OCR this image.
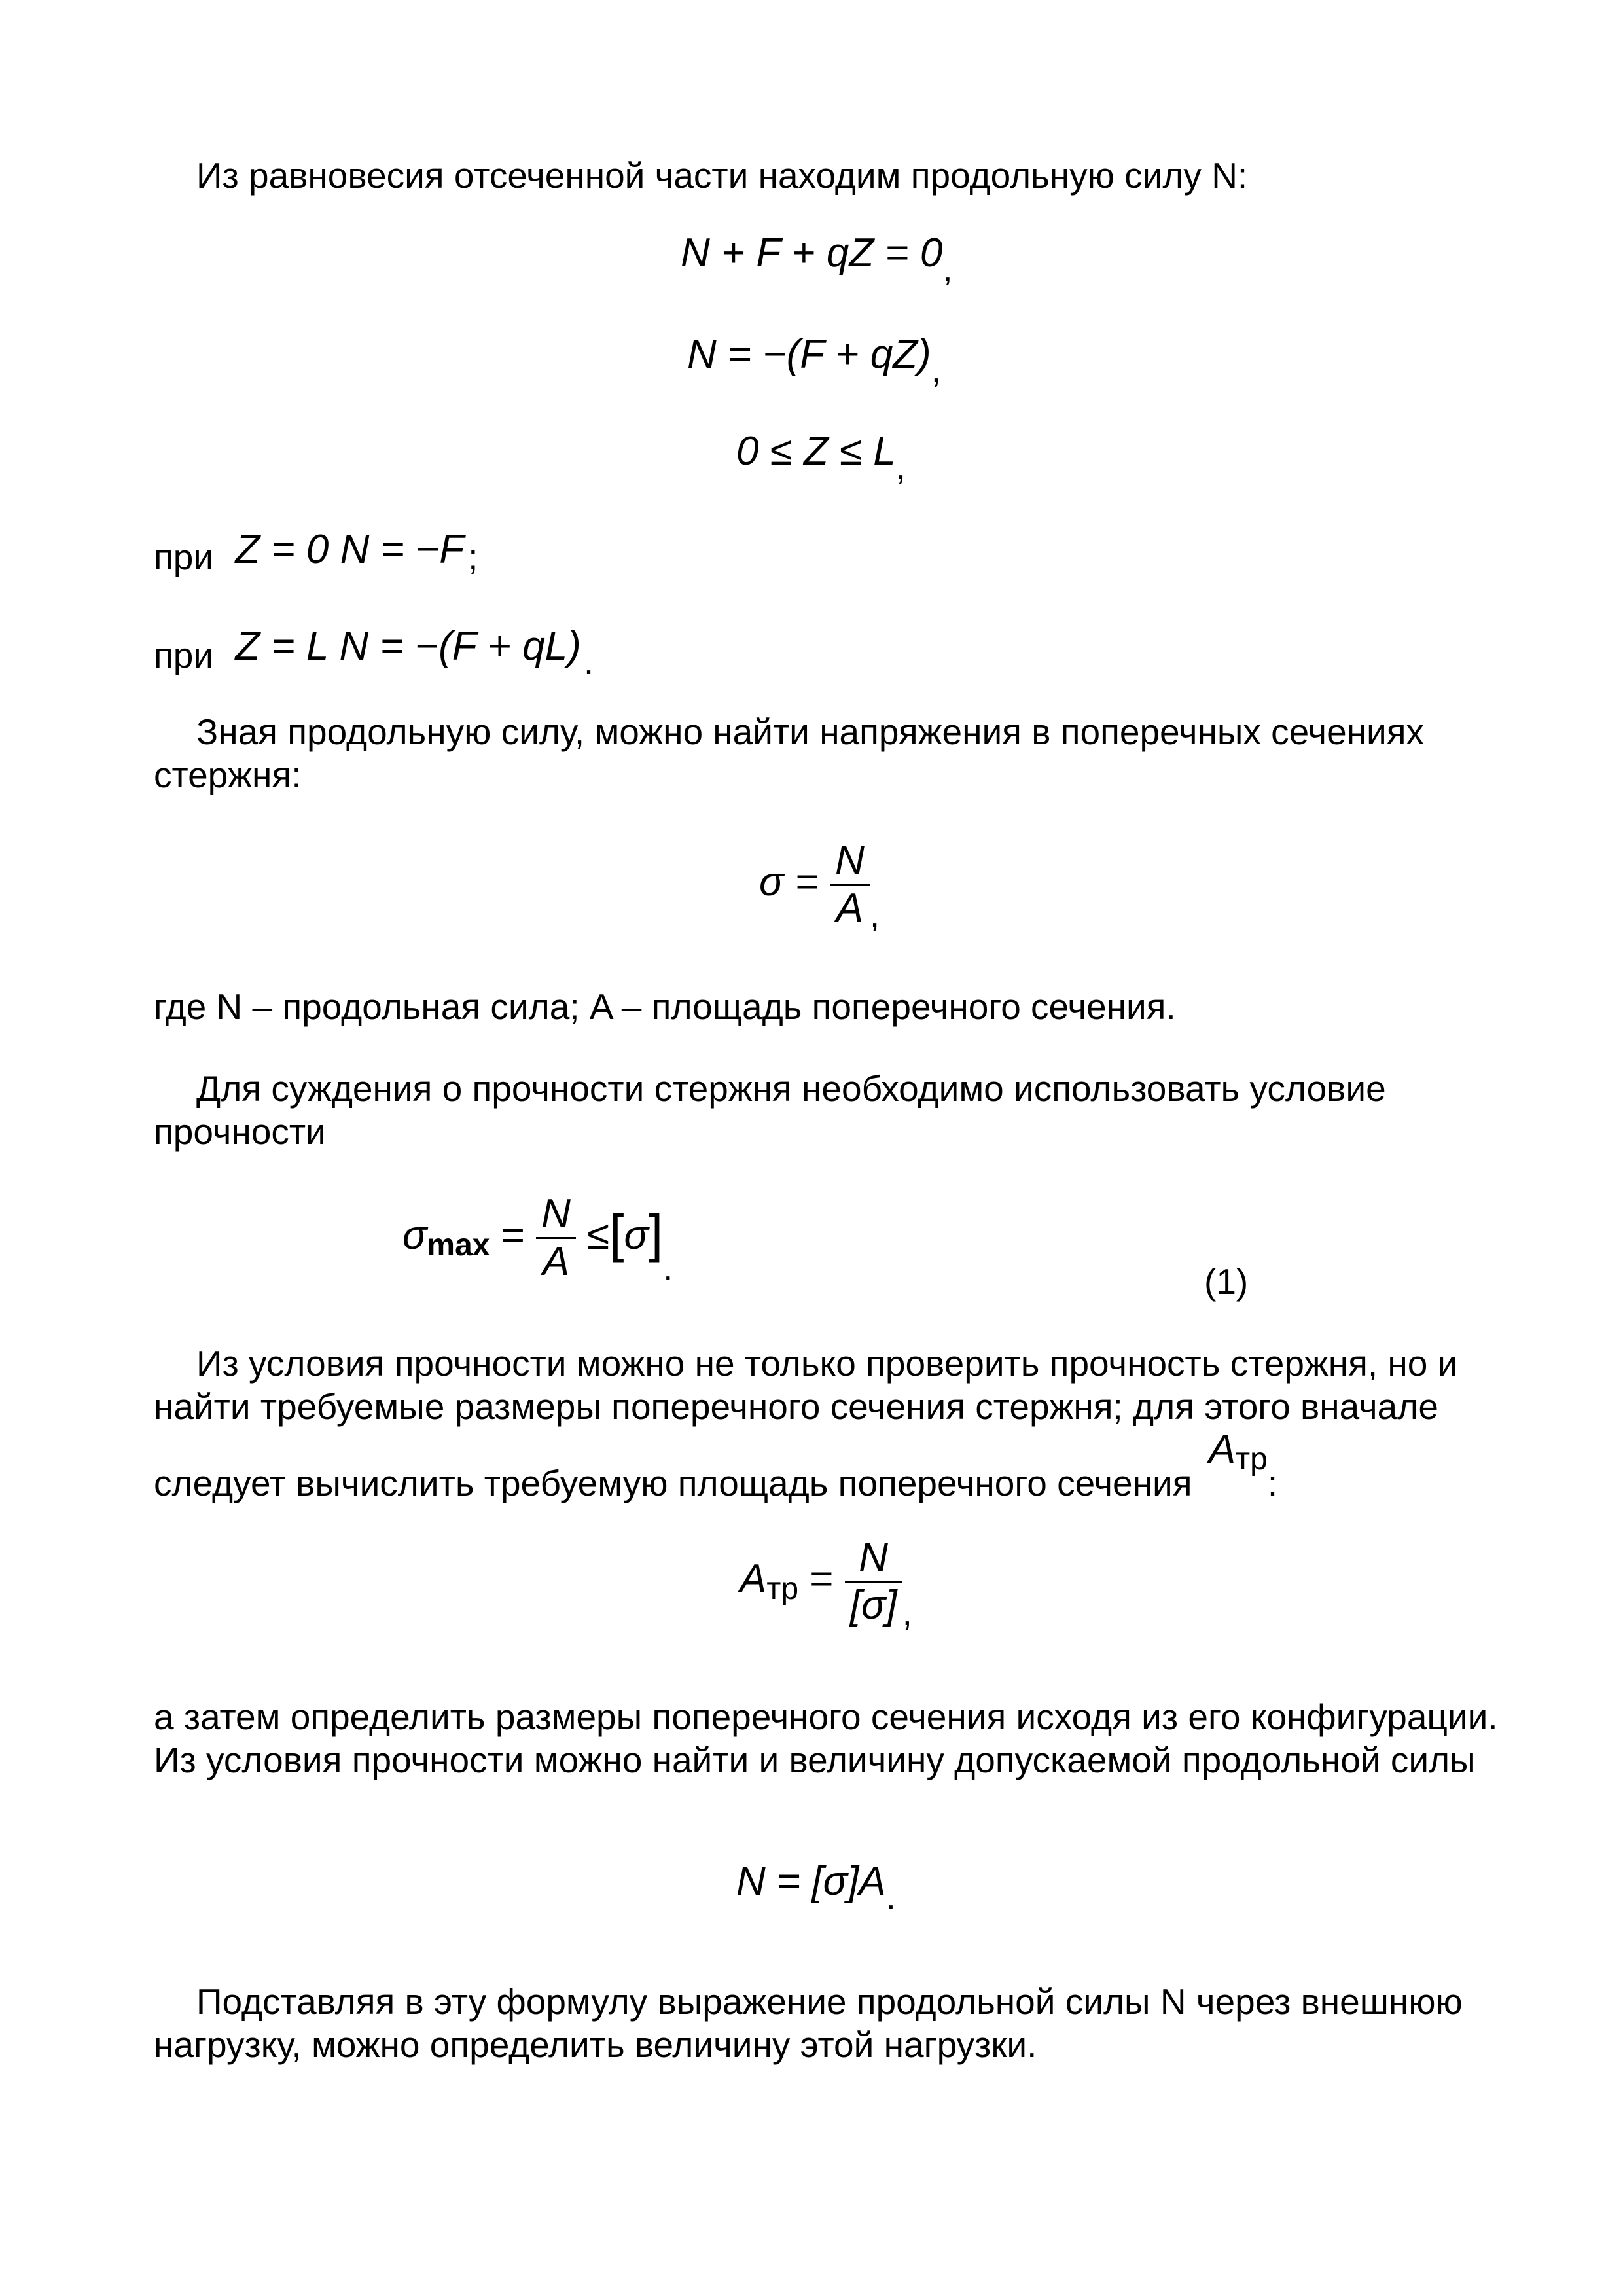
Из равновесия отсеченной части находим продольную силу N:

N + F + qZ = 0,
N = −(F + qZ),
0 ≤ Z ≤ L,
при Z = 0 N = −F ;
при Z = L N = −(F + qL).

Зная продольную силу, можно найти напряжения в поперечных сечениях стержня:

$\sigma = \frac{N}{A}$ ,

где N – продольная сила; A – площадь поперечного сечения.

Для суждения о прочности стержня необходимо использовать условие прочности

$\sigma\max = \frac{N}{A} \le[\sigma]$.	(1)
Из условия прочности можно не только проверить прочность стержня, но и
найти требуемые размеры поперечного сечения стержня; для этого вначале
следует вычислить требуемую площадь поперечного сечения Aтр:
Aтр = $\frac{N}{[\sigma]}$ ,

а затем определить размеры поперечного сечения исходя из его конфигурации. Из условия прочности можно найти и величину допускаемой продольной силы

N = [σ]A.

Подставляя в эту формулу выражение продольной силы N через внешнюю нагрузку, можно определить величину этой нагрузки.
